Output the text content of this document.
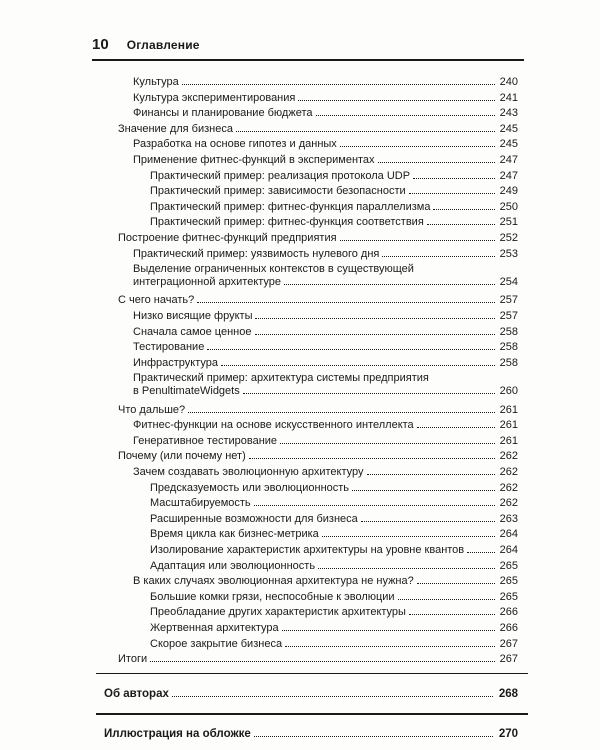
10 Оглавление
Культура	240
Культура экспериментирования	241
Финансы и планирование бюджета	243
Значение для бизнеса	245
Разработка на основе гипотез и данных	245
Применение фитнес-функций в экспериментах	247
Практический пример: реализация протокола UDP	247
Практический пример: зависимости безопасности	249
Практический пример: фитнес-функция параллелизма	250
Практический пример: фитнес-функция соответствия	251
Построение фитнес-функций предприятия	252
Практический пример: уязвимость нулевого дня	253
Выделение ограниченных контекстов в существующей
интеграционной архитектуре	254
С чего начать?	257
Низко висящие фрукты	257
Сначала самое ценное	258
Тестирование	258
Инфраструктура	258
Практический пример: архитектура системы предприятия
в PenultimateWidgets	260
Что дальше?	261
Фитнес-функции на основе искусственного интеллекта	261
Генеративное тестирование	261
Почему (или почему нет)	262
Зачем создавать эволюционную архитектуру	262
Предсказуемость или эволюционность	262
Масштабируемость	262
Расширенные возможности для бизнеса	263
Время цикла как бизнес-метрика	264
Изолирование характеристик архитектуры на уровне квантов	264
Адаптация или эволюционность	265
В каких случаях эволюционная архитектура не нужна?	265
Большие комки грязи, неспособные к эволюции	265
Преобладание других характеристик архитектуры	266
Жертвенная архитектура	266
Скорое закрытие бизнеса	267
Итоги	267
Об авторах	268
Иллюстрация на обложке	270
